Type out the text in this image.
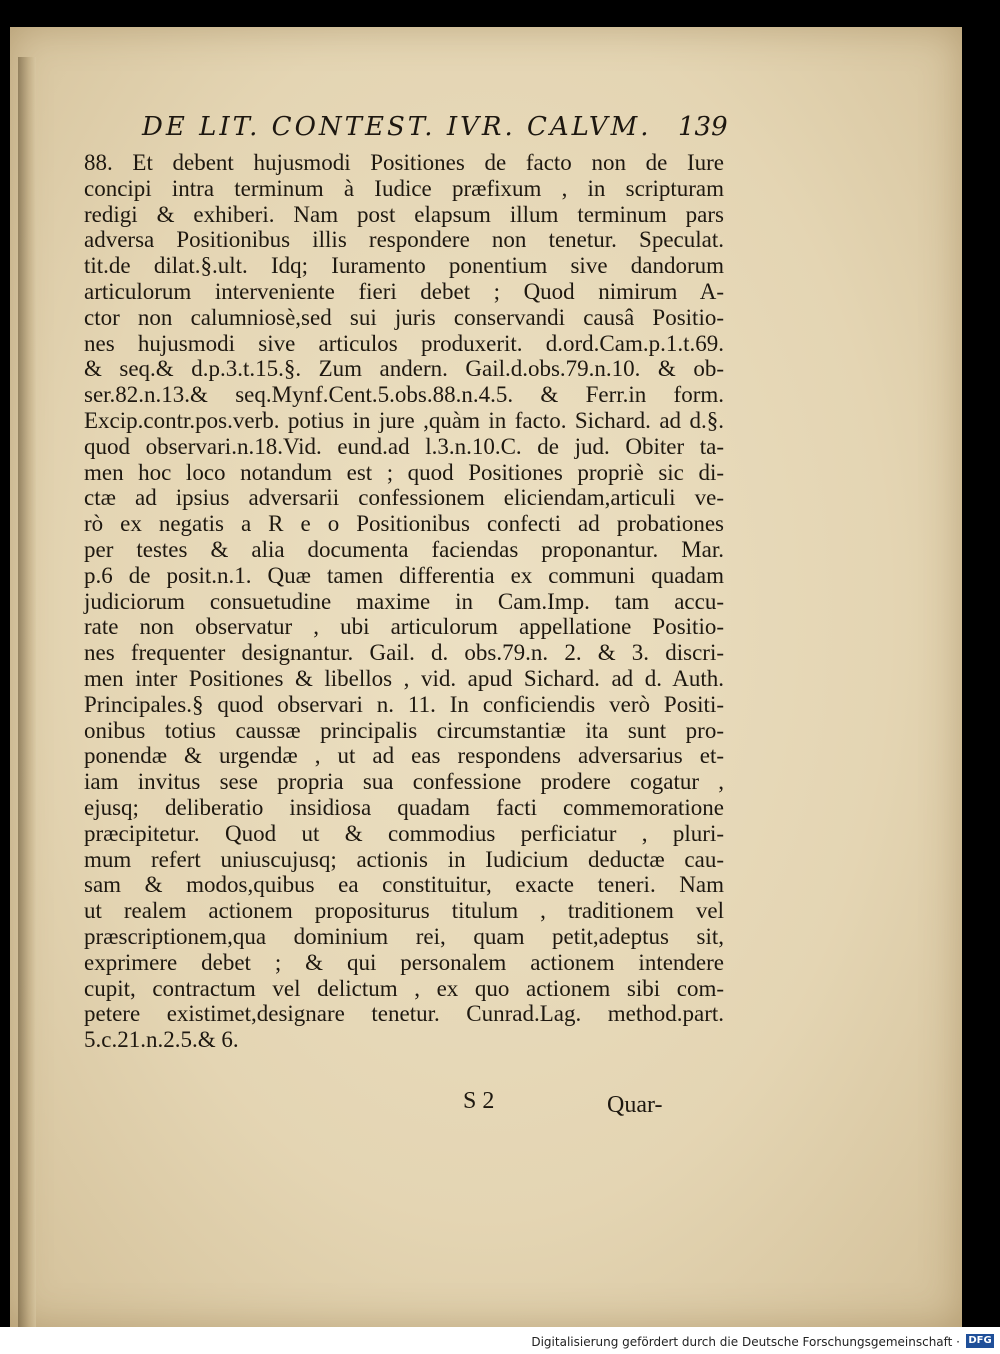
DE LIT. CONTEST. IVR. CALVM.	139
88. Et debent hujusmodi Positiones de facto non de Iure
concipi intra terminum à Iudice præfixum , in scripturam
redigi & exhiberi. Nam post elapsum illum terminum pars
adversa Positionibus illis respondere non tenetur. Speculat.
tit.de dilat.§.ult. Idq; Iuramento ponentium sive dandorum
articulorum interveniente fieri debet ; Quod nimirum A-
ctor non calumniosè,sed sui juris conservandi causâ Positio-
nes hujusmodi sive articulos produxerit. d.ord.Cam.p.1.t.69.
& seq.& d.p.3.t.15.§. Zum andern. Gail.d.obs.79.n.10. & ob-
ser.82.n.13.& seq.Mynf.Cent.5.obs.88.n.4.5. & Ferr.in form.
Excip.contr.pos.verb. potius in jure ,quàm in facto. Sichard. ad d.§.
quod observari.n.18.Vid. eund.ad l.3.n.10.C. de jud. Obiter ta-
men hoc loco notandum est ; quod Positiones propriè sic di-
ctæ ad ipsius adversarii confessionem eliciendam,articuli ve-
rò ex negatis a R e o Positionibus confecti ad probationes
per testes & alia documenta faciendas proponantur. Mar.
p.6 de posit.n.1. Quæ tamen differentia ex communi quadam
judiciorum consuetudine maxime in Cam.Imp. tam accu-
rate non observatur , ubi articulorum appellatione Positio-
nes frequenter designantur. Gail. d. obs.79.n. 2. & 3. discri-
men inter Positiones & libellos , vid. apud Sichard. ad d. Auth.
Principales.§ quod observari n. 11. In conficiendis verò Positi-
onibus totius caussæ principalis circumstantiæ ita sunt pro-
ponendæ & urgendæ , ut ad eas respondens adversarius et-
iam invitus sese propria sua confessione prodere cogatur ,
ejusq; deliberatio insidiosa quadam facti commemoratione
præcipitetur. Quod ut & commodius perficiatur , pluri-
mum refert uniuscujusq; actionis in Iudicium deductæ cau-
sam & modos,quibus ea constituitur, exacte teneri. Nam
ut realem actionem propositurus titulum , traditionem vel
præscriptionem,qua dominium rei, quam petit,adeptus sit,
exprimere debet ; & qui personalem actionem intendere
cupit, contractum vel delictum , ex quo actionem sibi com-
petere existimet,designare tenetur. Cunrad.Lag. method.part.
5.c.21.n.2.5.& 6.
S 2	Quar-
Digitalisierung gefördert durch die Deutsche Forschungsgemeinschaft · DFG
